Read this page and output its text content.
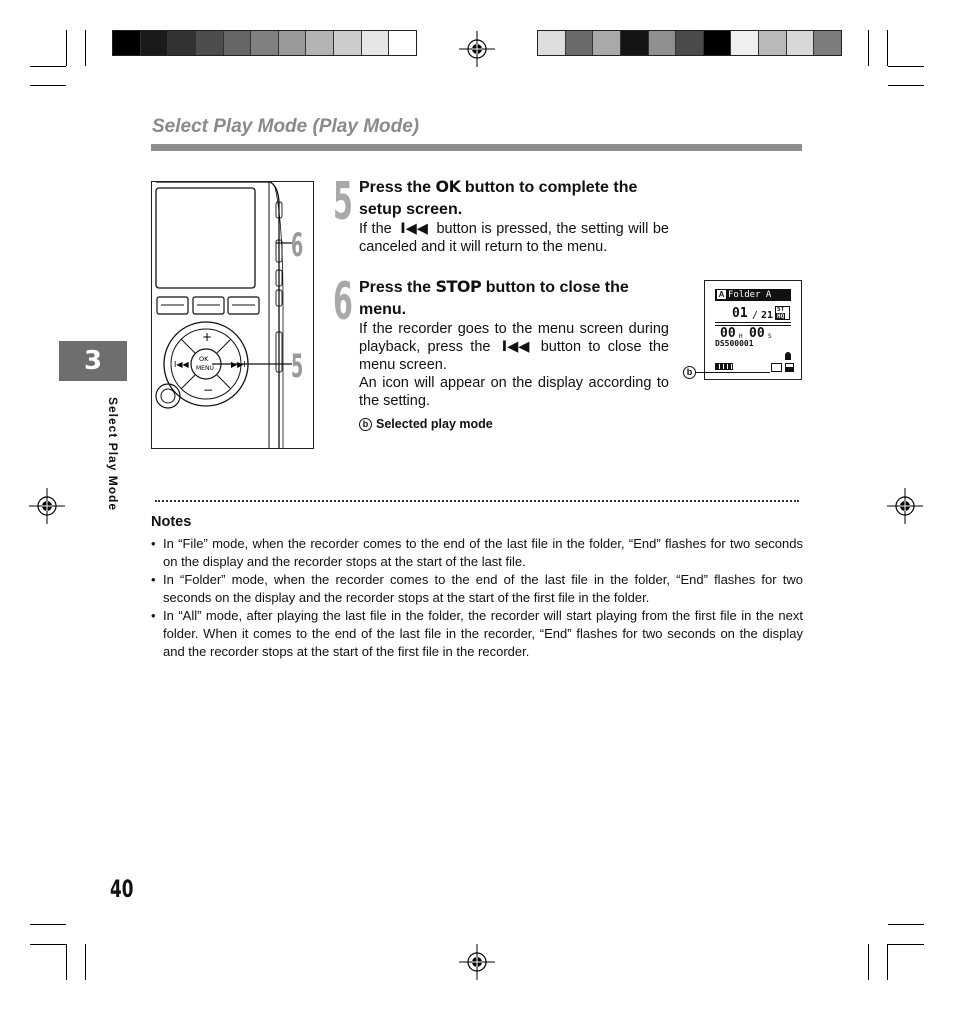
Select Play Mode (Play Mode)
3
Select Play Mode
+
−
I◀◀	▶▶I
OK
MENU
6
5
5 Press the OK button to complete the setup screen.
If the I◀◀ button is pressed, the setting will be canceled and it will return to the menu.
6 Press the STOP button to close the menu.
If the recorder goes to the menu screen during playback, press the I◀◀ button to close the menu screen.
An icon will appear on the display according to the setting.
A Folder A
01 / 21
ST
HQ
00 H 00 S
DS500001
b
b Selected play mode
Notes
• In “File” mode, when the recorder comes to the end of the last file in the folder, “End” flashes for two seconds on the display and the recorder stops at the start of the last file.
• In “Folder” mode, when the recorder comes to the end of the last file in the folder, “End” flashes for two seconds on the display and the recorder stops at the start of the first file in the folder.
• In “All” mode, after playing the last file in the folder, the recorder will start playing from the first file in the next folder. When it comes to the end of the last file in the recorder, “End” flashes for two seconds on the display and the recorder stops at the start of the first file in the recorder.
40
